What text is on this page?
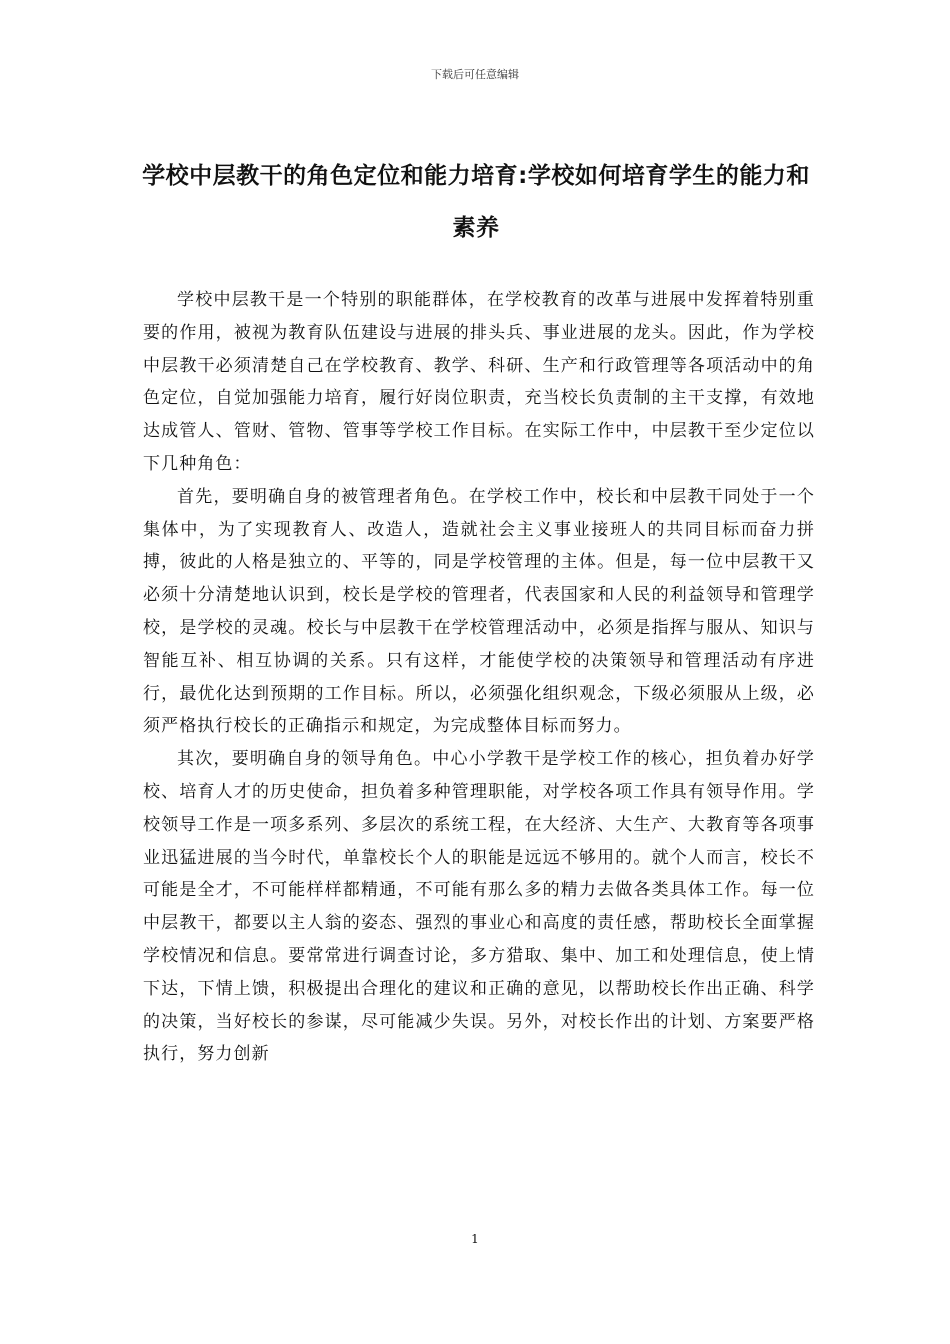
下载后可任意编辑
学校中层教干的角色定位和能力培育:学校如何培育学生的能力和素养

学校中层教干是一个特别的职能群体，在学校教育的改革与进展中发挥着特别重要的作用，被视为教育队伍建设与进展的排头兵、事业进展的龙头。因此，作为学校中层教干必须清楚自己在学校教育、教学、科研、生产和行政管理等各项活动中的角色定位，自觉加强能力培育，履行好岗位职责，充当校长负责制的主干支撑，有效地达成管人、管财、管物、管事等学校工作目标。在实际工作中，中层教干至少定位以下几种角色：

首先，要明确自身的被管理者角色。在学校工作中，校长和中层教干同处于一个集体中，为了实现教育人、改造人，造就社会主义事业接班人的共同目标而奋力拼搏，彼此的人格是独立的、平等的，同是学校管理的主体。但是，每一位中层教干又必须十分清楚地认识到，校长是学校的管理者，代表国家和人民的利益领导和管理学校，是学校的灵魂。校长与中层教干在学校管理活动中，必须是指挥与服从、知识与智能互补、相互协调的关系。只有这样，才能使学校的决策领导和管理活动有序进行，最优化达到预期的工作目标。所以，必须强化组织观念，下级必须服从上级，必须严格执行校长的正确指示和规定，为完成整体目标而努力。

其次，要明确自身的领导角色。中心小学教干是学校工作的核心，担负着办好学校、培育人才的历史使命，担负着多种管理职能，对学校各项工作具有领导作用。学校领导工作是一项多系列、多层次的系统工程，在大经济、大生产、大教育等各项事业迅猛进展的当今时代，单靠校长个人的职能是远远不够用的。就个人而言，校长不可能是全才，不可能样样都精通，不可能有那么多的精力去做各类具体工作。每一位中层教干，都要以主人翁的姿态、强烈的事业心和高度的责任感，帮助校长全面掌握学校情况和信息。要常常进行调查讨论，多方猎取、集中、加工和处理信息，使上情下达，下情上馈，积极提出合理化的建议和正确的意见，以帮助校长作出正确、科学的决策，当好校长的参谋，尽可能减少失误。另外，对校长作出的计划、方案要严格执行，努力创新

1
